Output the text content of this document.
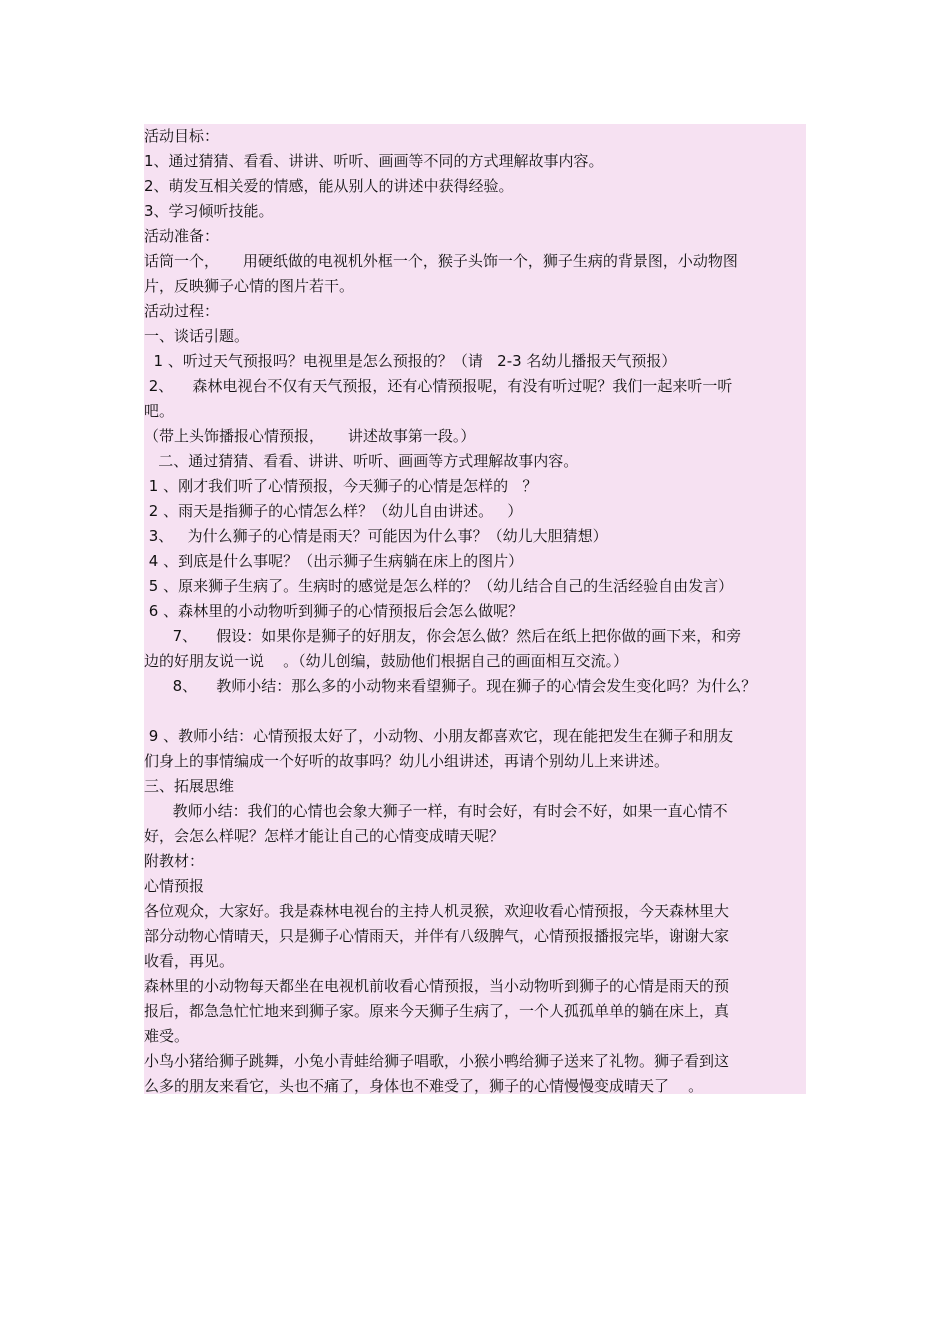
活动目标：
1、通过猜猜、看看、讲讲、听听、画画等不同的方式理解故事内容。
2、萌发互相关爱的情感，能从别人的讲述中获得经验。
3、学习倾听技能。
活动准备：
话筒一个，     用硬纸做的电视机外框一个，猴子头饰一个，狮子生病的背景图，小动物图
片，反映狮子心情的图片若干。
活动过程：
一、谈话引题。
1 、听过天气预报吗？电视里是怎么预报的？（请   2-3 名幼儿播报天气预报）
2、    森林电视台不仅有天气预报，还有心情预报呢，有没有听过呢？我们一起来听一听
吧。
（带上头饰播报心情预报，     讲述故事第一段。）
二、通过猜猜、看看、讲讲、听听、画画等方式理解故事内容。
1 、刚才我们听了心情预报，今天狮子的心情是怎样的   ？
2 、雨天是指狮子的心情怎么样？（幼儿自由讲述。   ）
3、   为什么狮子的心情是雨天？可能因为什么事？（幼儿大胆猜想）
4 、到底是什么事呢？（出示狮子生病躺在床上的图片）
5 、原来狮子生病了。生病时的感觉是怎么样的？（幼儿结合自己的生活经验自由发言）
6 、森林里的小动物听到狮子的心情预报后会怎么做呢？
7、    假设：如果你是狮子的好朋友，你会怎么做？然后在纸上把你做的画下来，和旁
边的好朋友说一说    。（幼儿创编，鼓励他们根据自己的画面相互交流。）
8、    教师小结：那么多的小动物来看望狮子。现在狮子的心情会发生变化吗？为什么？
9 、教师小结：心情预报太好了，小动物、小朋友都喜欢它，现在能把发生在狮子和朋友
们身上的事情编成一个好听的故事吗？幼儿小组讲述，再请个别幼儿上来讲述。
三、拓展思维
教师小结：我们的心情也会象大狮子一样，有时会好，有时会不好，如果一直心情不
好，会怎么样呢？怎样才能让自己的心情变成晴天呢？
附教材：
心情预报
各位观众，大家好。我是森林电视台的主持人机灵猴，欢迎收看心情预报，今天森林里大
部分动物心情晴天，只是狮子心情雨天，并伴有八级脾气，心情预报播报完毕，谢谢大家
收看，再见。
森林里的小动物每天都坐在电视机前收看心情预报，当小动物听到狮子的心情是雨天的预
报后，都急急忙忙地来到狮子家。原来今天狮子生病了，一个人孤孤单单的躺在床上，真
难受。
小鸟小猪给狮子跳舞，小兔小青蛙给狮子唱歌，小猴小鸭给狮子送来了礼物。狮子看到这
么多的朋友来看它，头也不痛了，身体也不难受了，狮子的心情慢慢变成晴天了    。
